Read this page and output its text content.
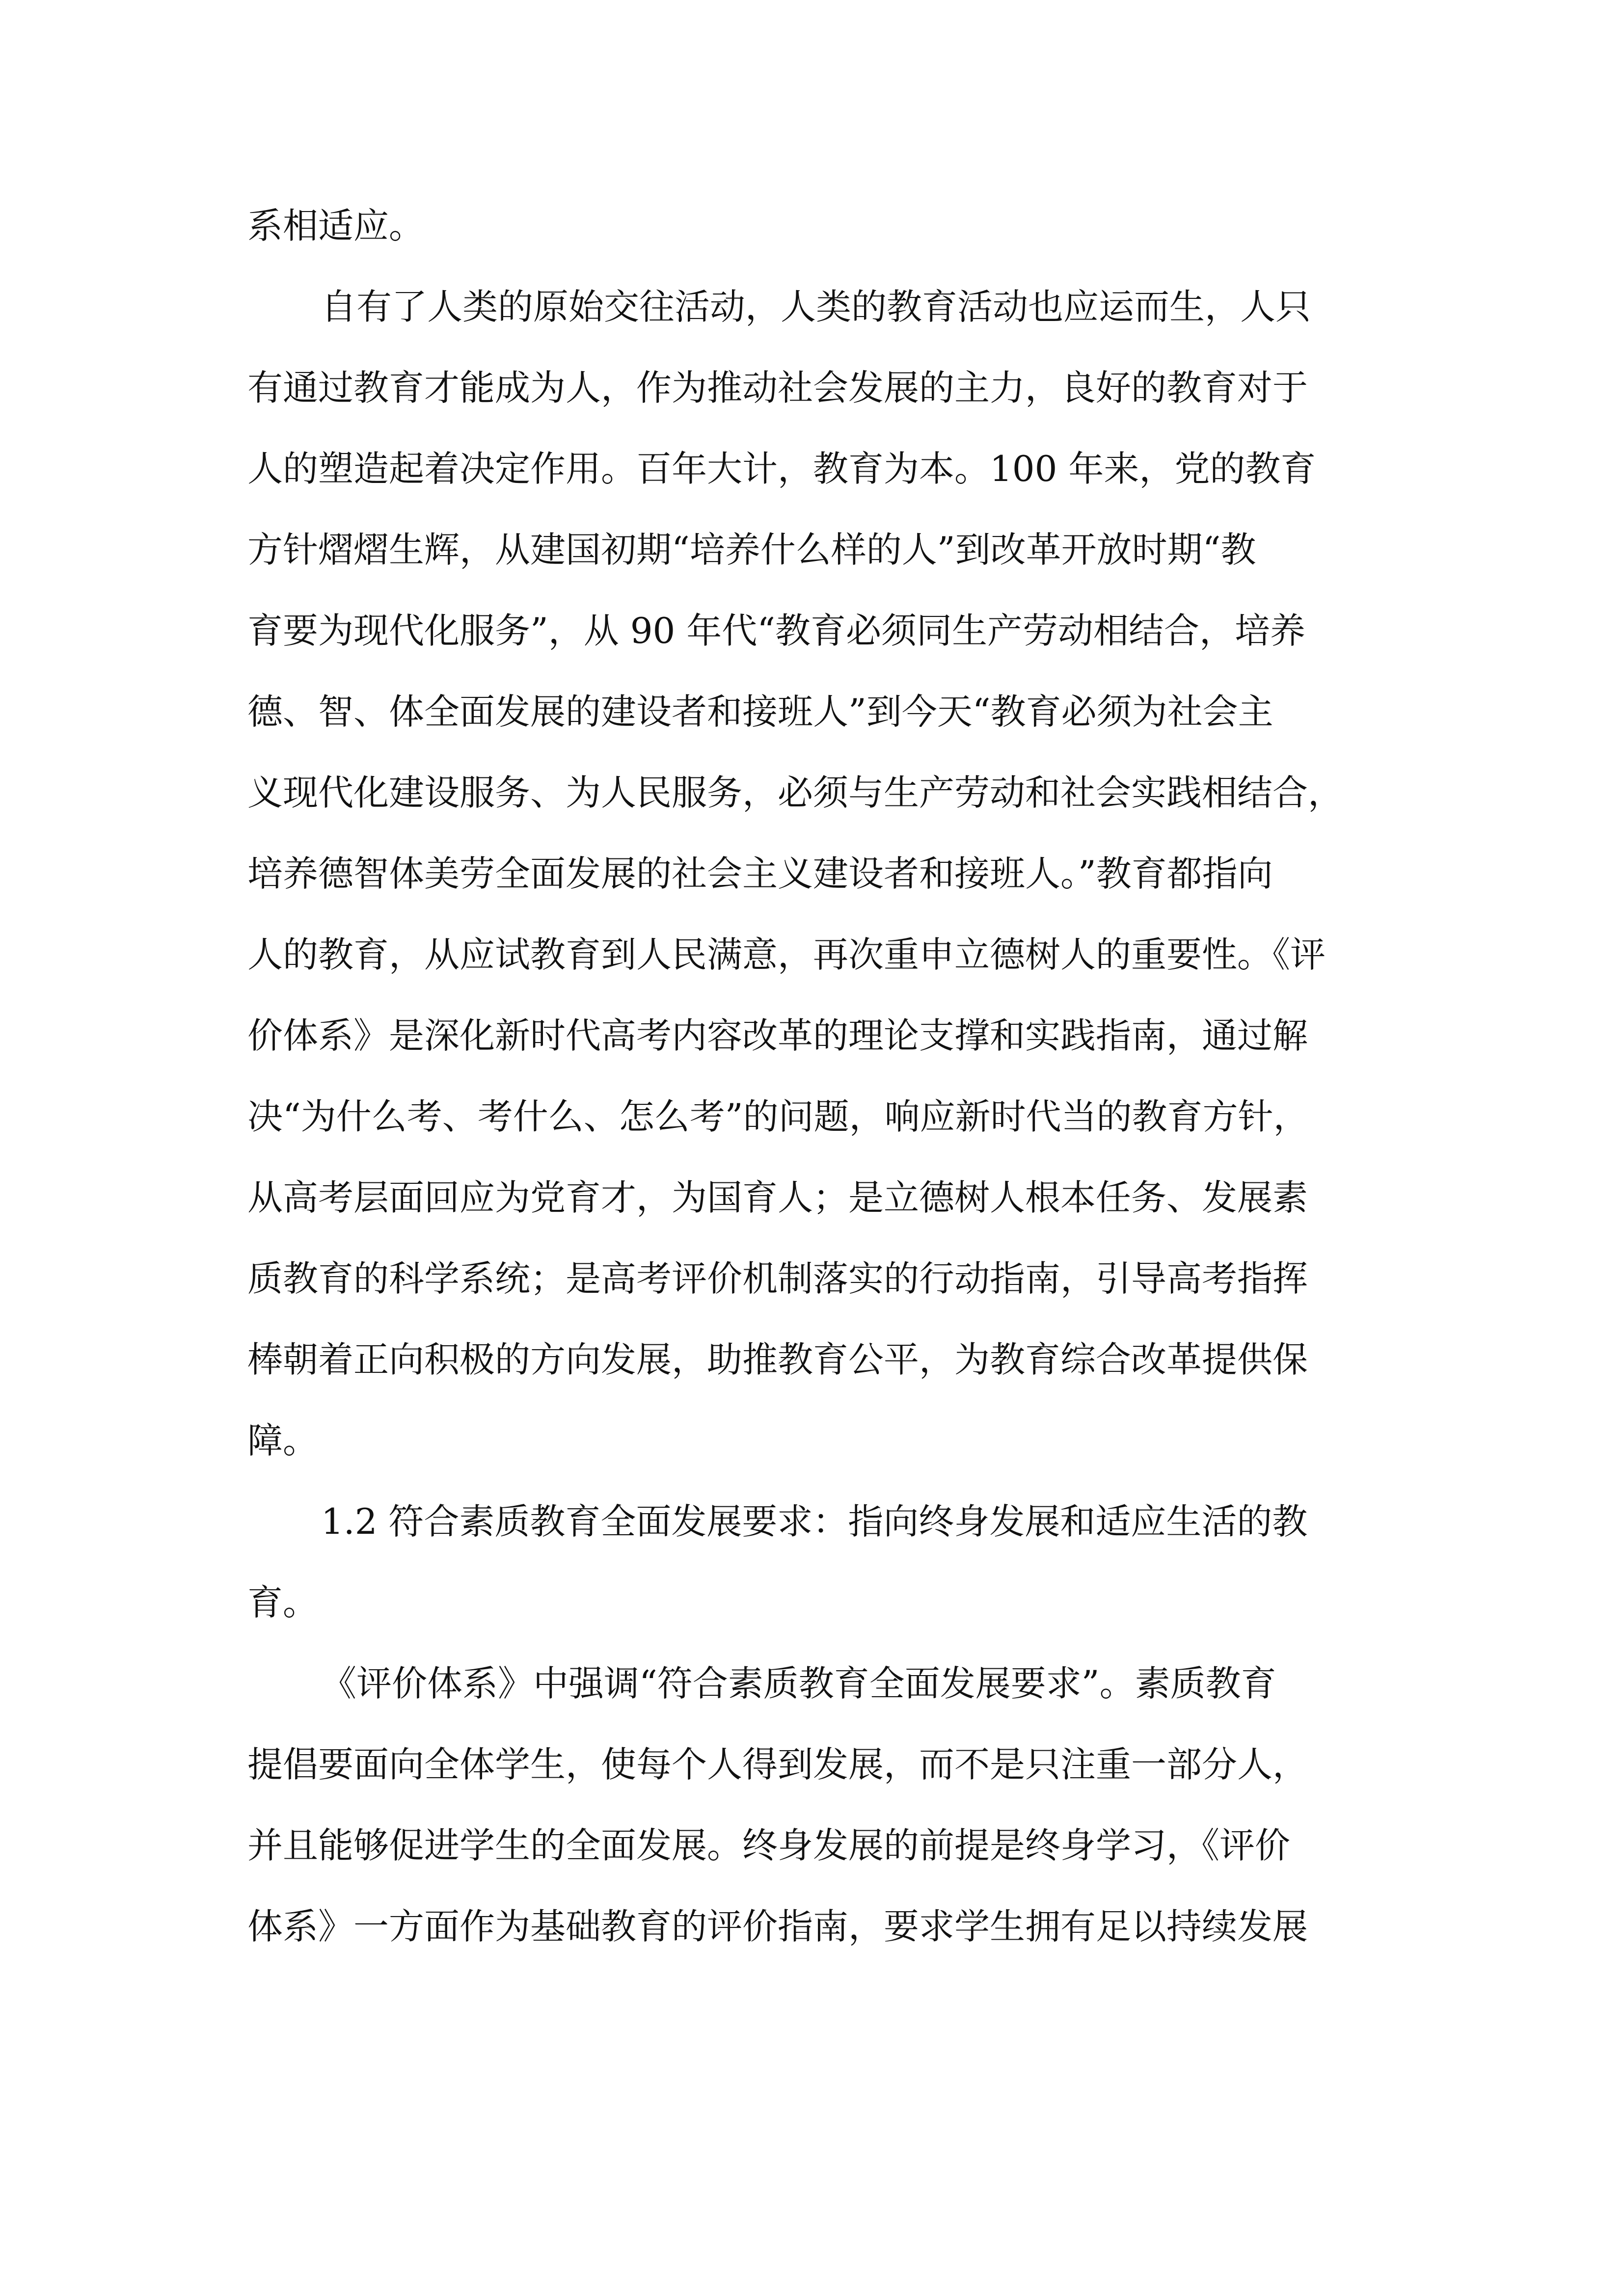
系相适应。
自有了人类的原始交往活动，人类的教育活动也应运而生，人只
有通过教育才能成为人，作为推动社会发展的主力，良好的教育对于
人的塑造起着决定作用。百年大计，教育为本。100 年来，党的教育
方针熠熠生辉，从建国初期“培养什么样的人”到改革开放时期“教
育要为现代化服务”，从 90 年代“教育必须同生产劳动相结合，培养
德、智、体全面发展的建设者和接班人”到今天“教育必须为社会主
义现代化建设服务、为人民服务，必须与生产劳动和社会实践相结合，
培养德智体美劳全面发展的社会主义建设者和接班人。”教育都指向
人的教育，从应试教育到人民满意，再次重申立德树人的重要性。《评
价体系》是深化新时代高考内容改革的理论支撑和实践指南，通过解
决“为什么考、考什么、怎么考”的问题，响应新时代当的教育方针，
从高考层面回应为党育才，为国育人；是立德树人根本任务、发展素
质教育的科学系统；是高考评价机制落实的行动指南，引导高考指挥
棒朝着正向积极的方向发展，助推教育公平，为教育综合改革提供保
障。
1.2 符合素质教育全面发展要求：指向终身发展和适应生活的教
育。
《评价体系》中强调“符合素质教育全面发展要求”。素质教育
提倡要面向全体学生，使每个人得到发展，而不是只注重一部分人，
并且能够促进学生的全面发展。终身发展的前提是终身学习，《评价
体系》一方面作为基础教育的评价指南，要求学生拥有足以持续发展
